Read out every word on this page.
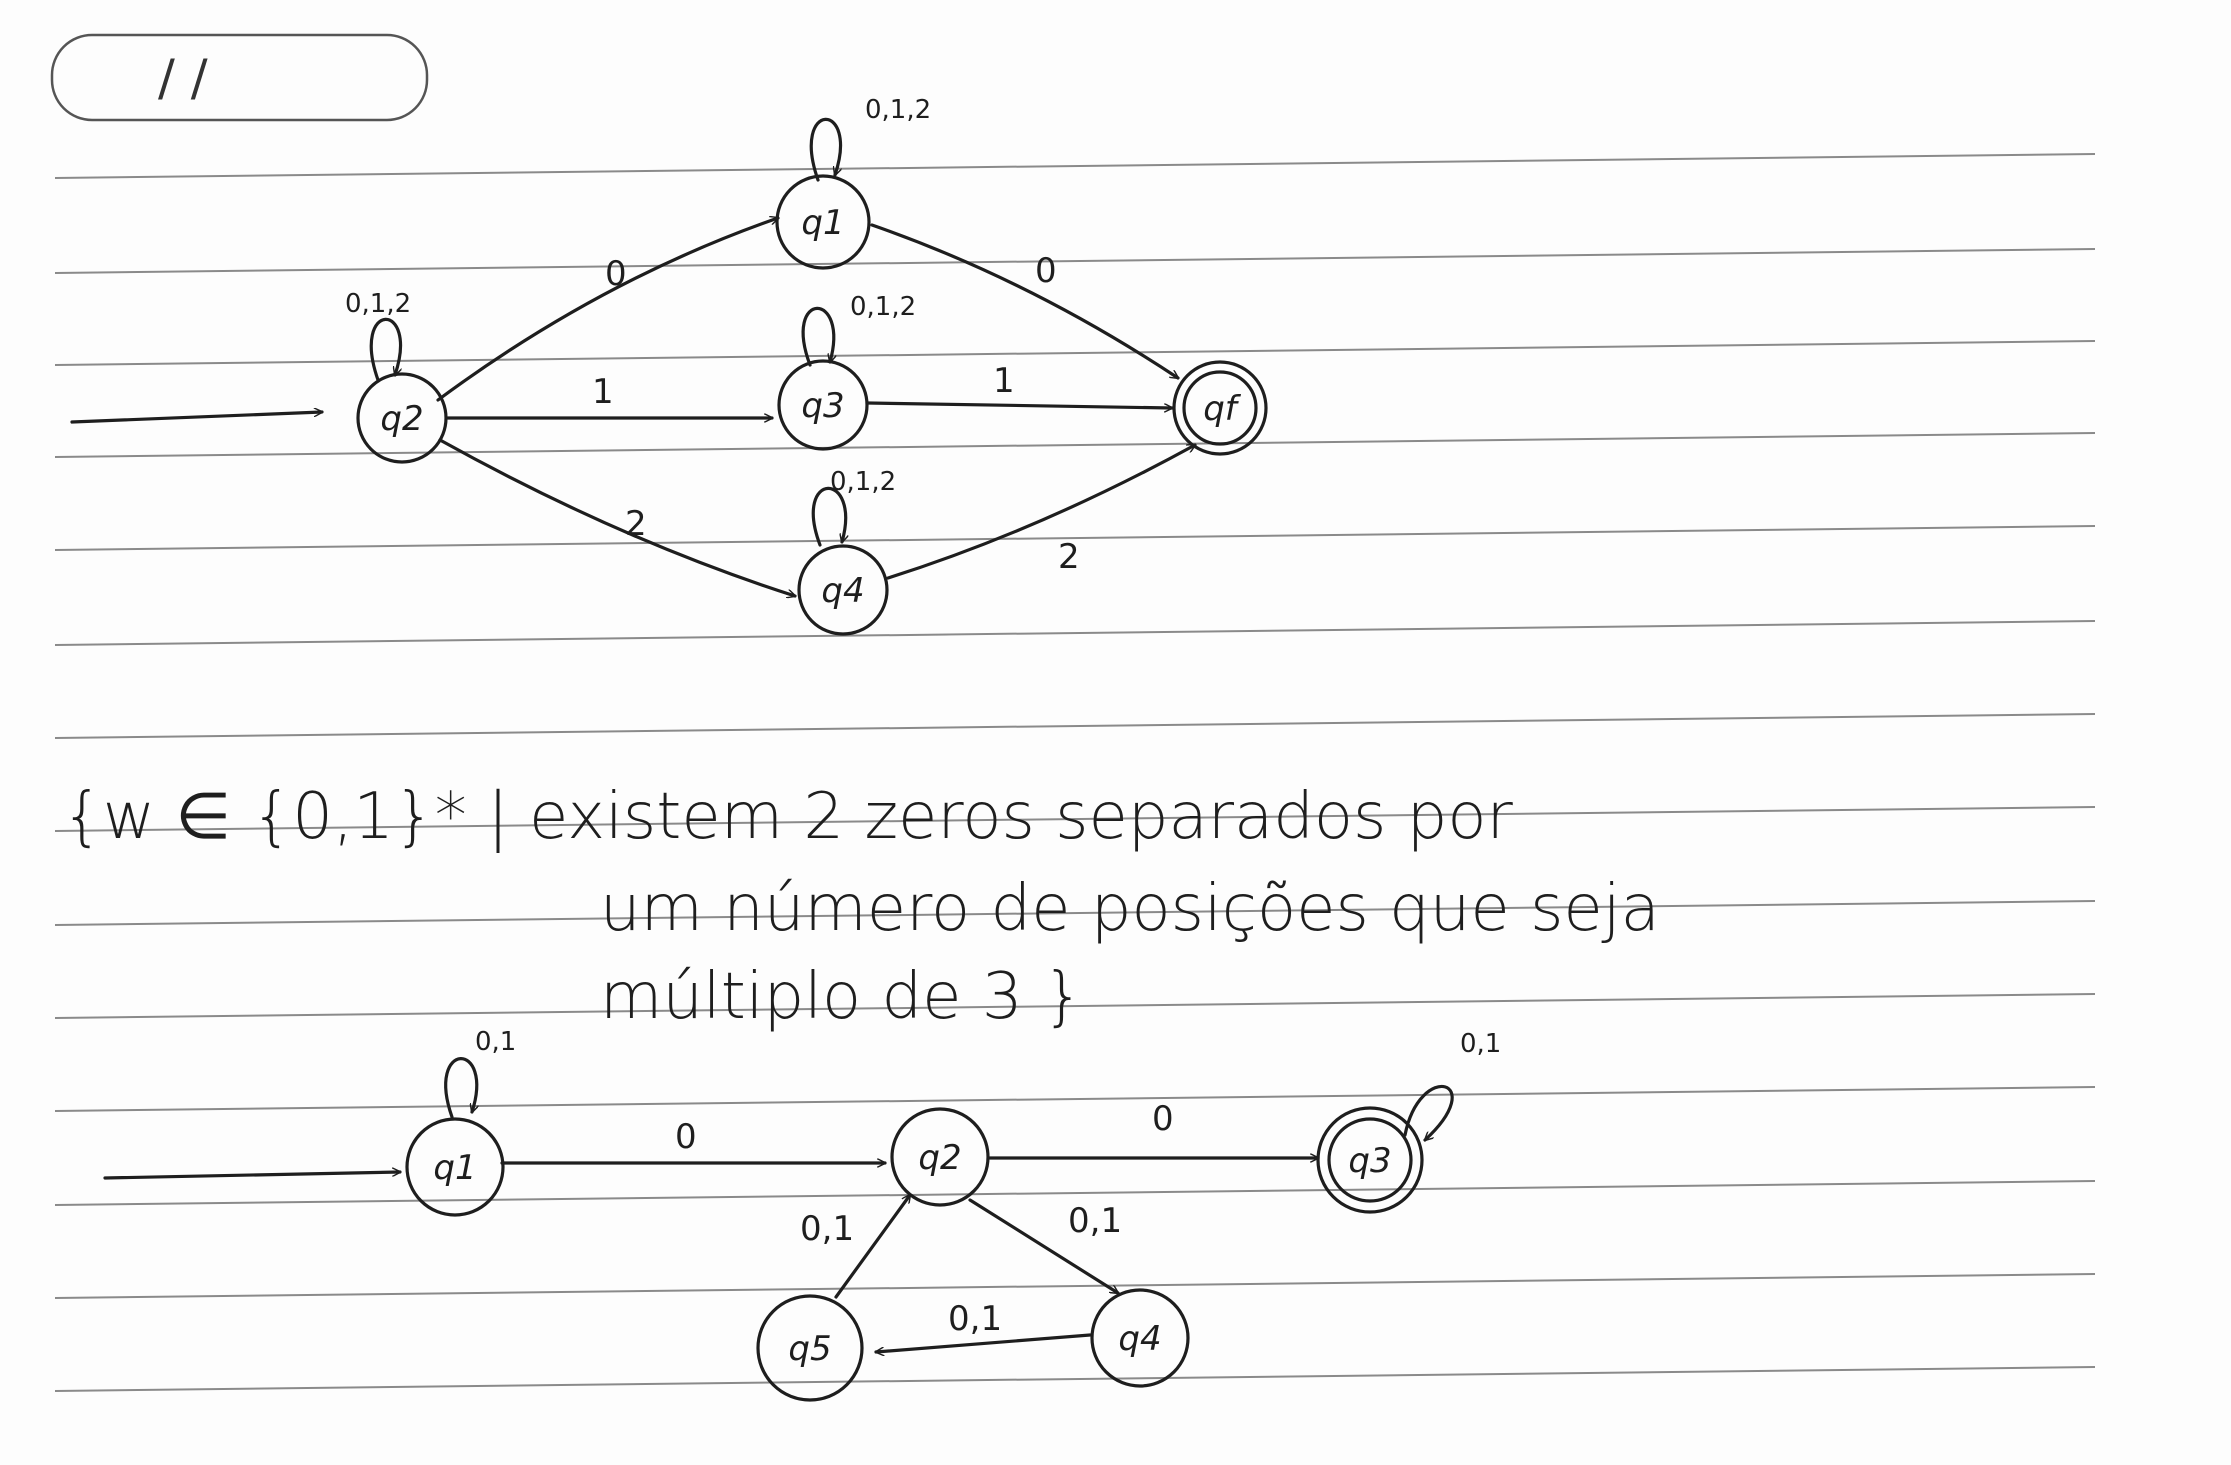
/ /
q2
q1
q3
q4
qf
0
1
2
0
1
2
0,1,2
0,1,2
0,1,2
0,1,2
{w ∈ {0,1}* | existem 2 zeros separados por
um número de posições que seja
múltiplo de 3 }
q1	q2	q3
q4
q5
0	0
0,1
0,1
0,1
0,1	0,1
